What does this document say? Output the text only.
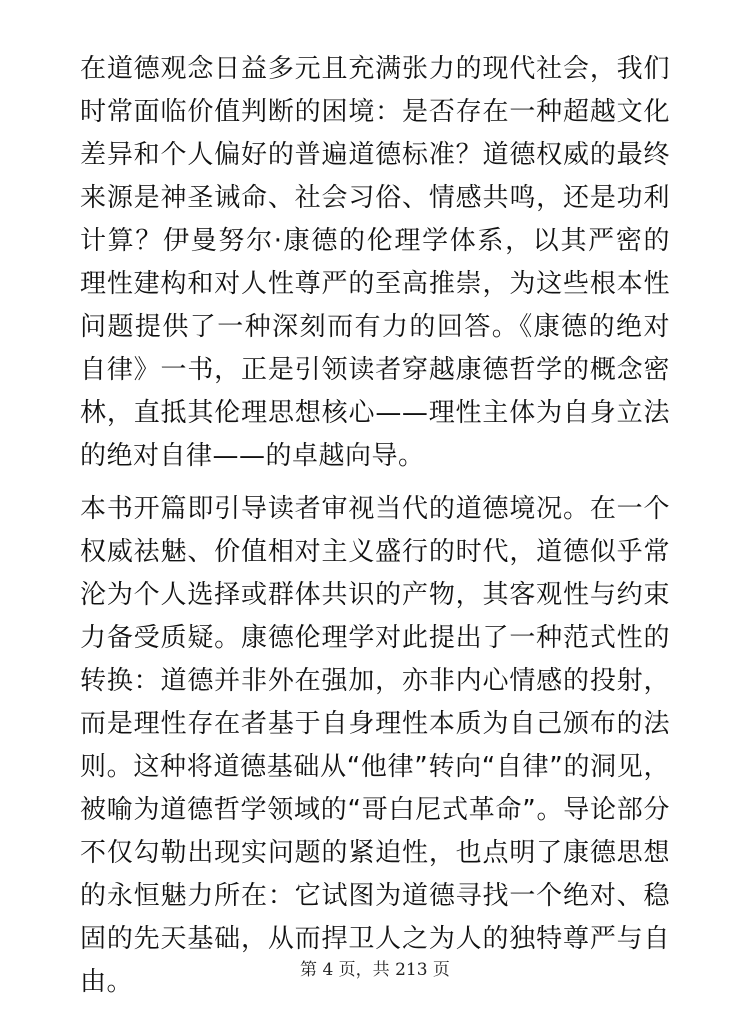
在道德观念日益多元且充满张力的现代社会，我们时常面临价值判断的困境：是否存在一种超越文化差异和个人偏好的普遍道德标准？道德权威的最终来源是神圣诫命、社会习俗、情感共鸣，还是功利计算？伊曼努尔·康德的伦理学体系，以其严密的理性建构和对人性尊严的至高推崇，为这些根本性问题提供了一种深刻而有力的回答。《康德的绝对自律》一书，正是引领读者穿越康德哲学的概念密林，直抵其伦理思想核心——理性主体为自身立法的绝对自律——的卓越向导。

本书开篇即引导读者审视当代的道德境况。在一个权威祛魅、价值相对主义盛行的时代，道德似乎常沦为个人选择或群体共识的产物，其客观性与约束力备受质疑。康德伦理学对此提出了一种范式性的转换：道德并非外在强加，亦非内心情感的投射，而是理性存在者基于自身理性本质为自己颁布的法则。这种将道德基础从“他律”转向“自律”的洞见，被喻为道德哲学领域的“哥白尼式革命”。导论部分不仅勾勒出现实问题的紧迫性，也点明了康德思想的永恒魅力所在：它试图为道德寻找一个绝对、稳固的先天基础，从而捍卫人之为人的独特尊严与自由。	第 4 页，共 213 页
